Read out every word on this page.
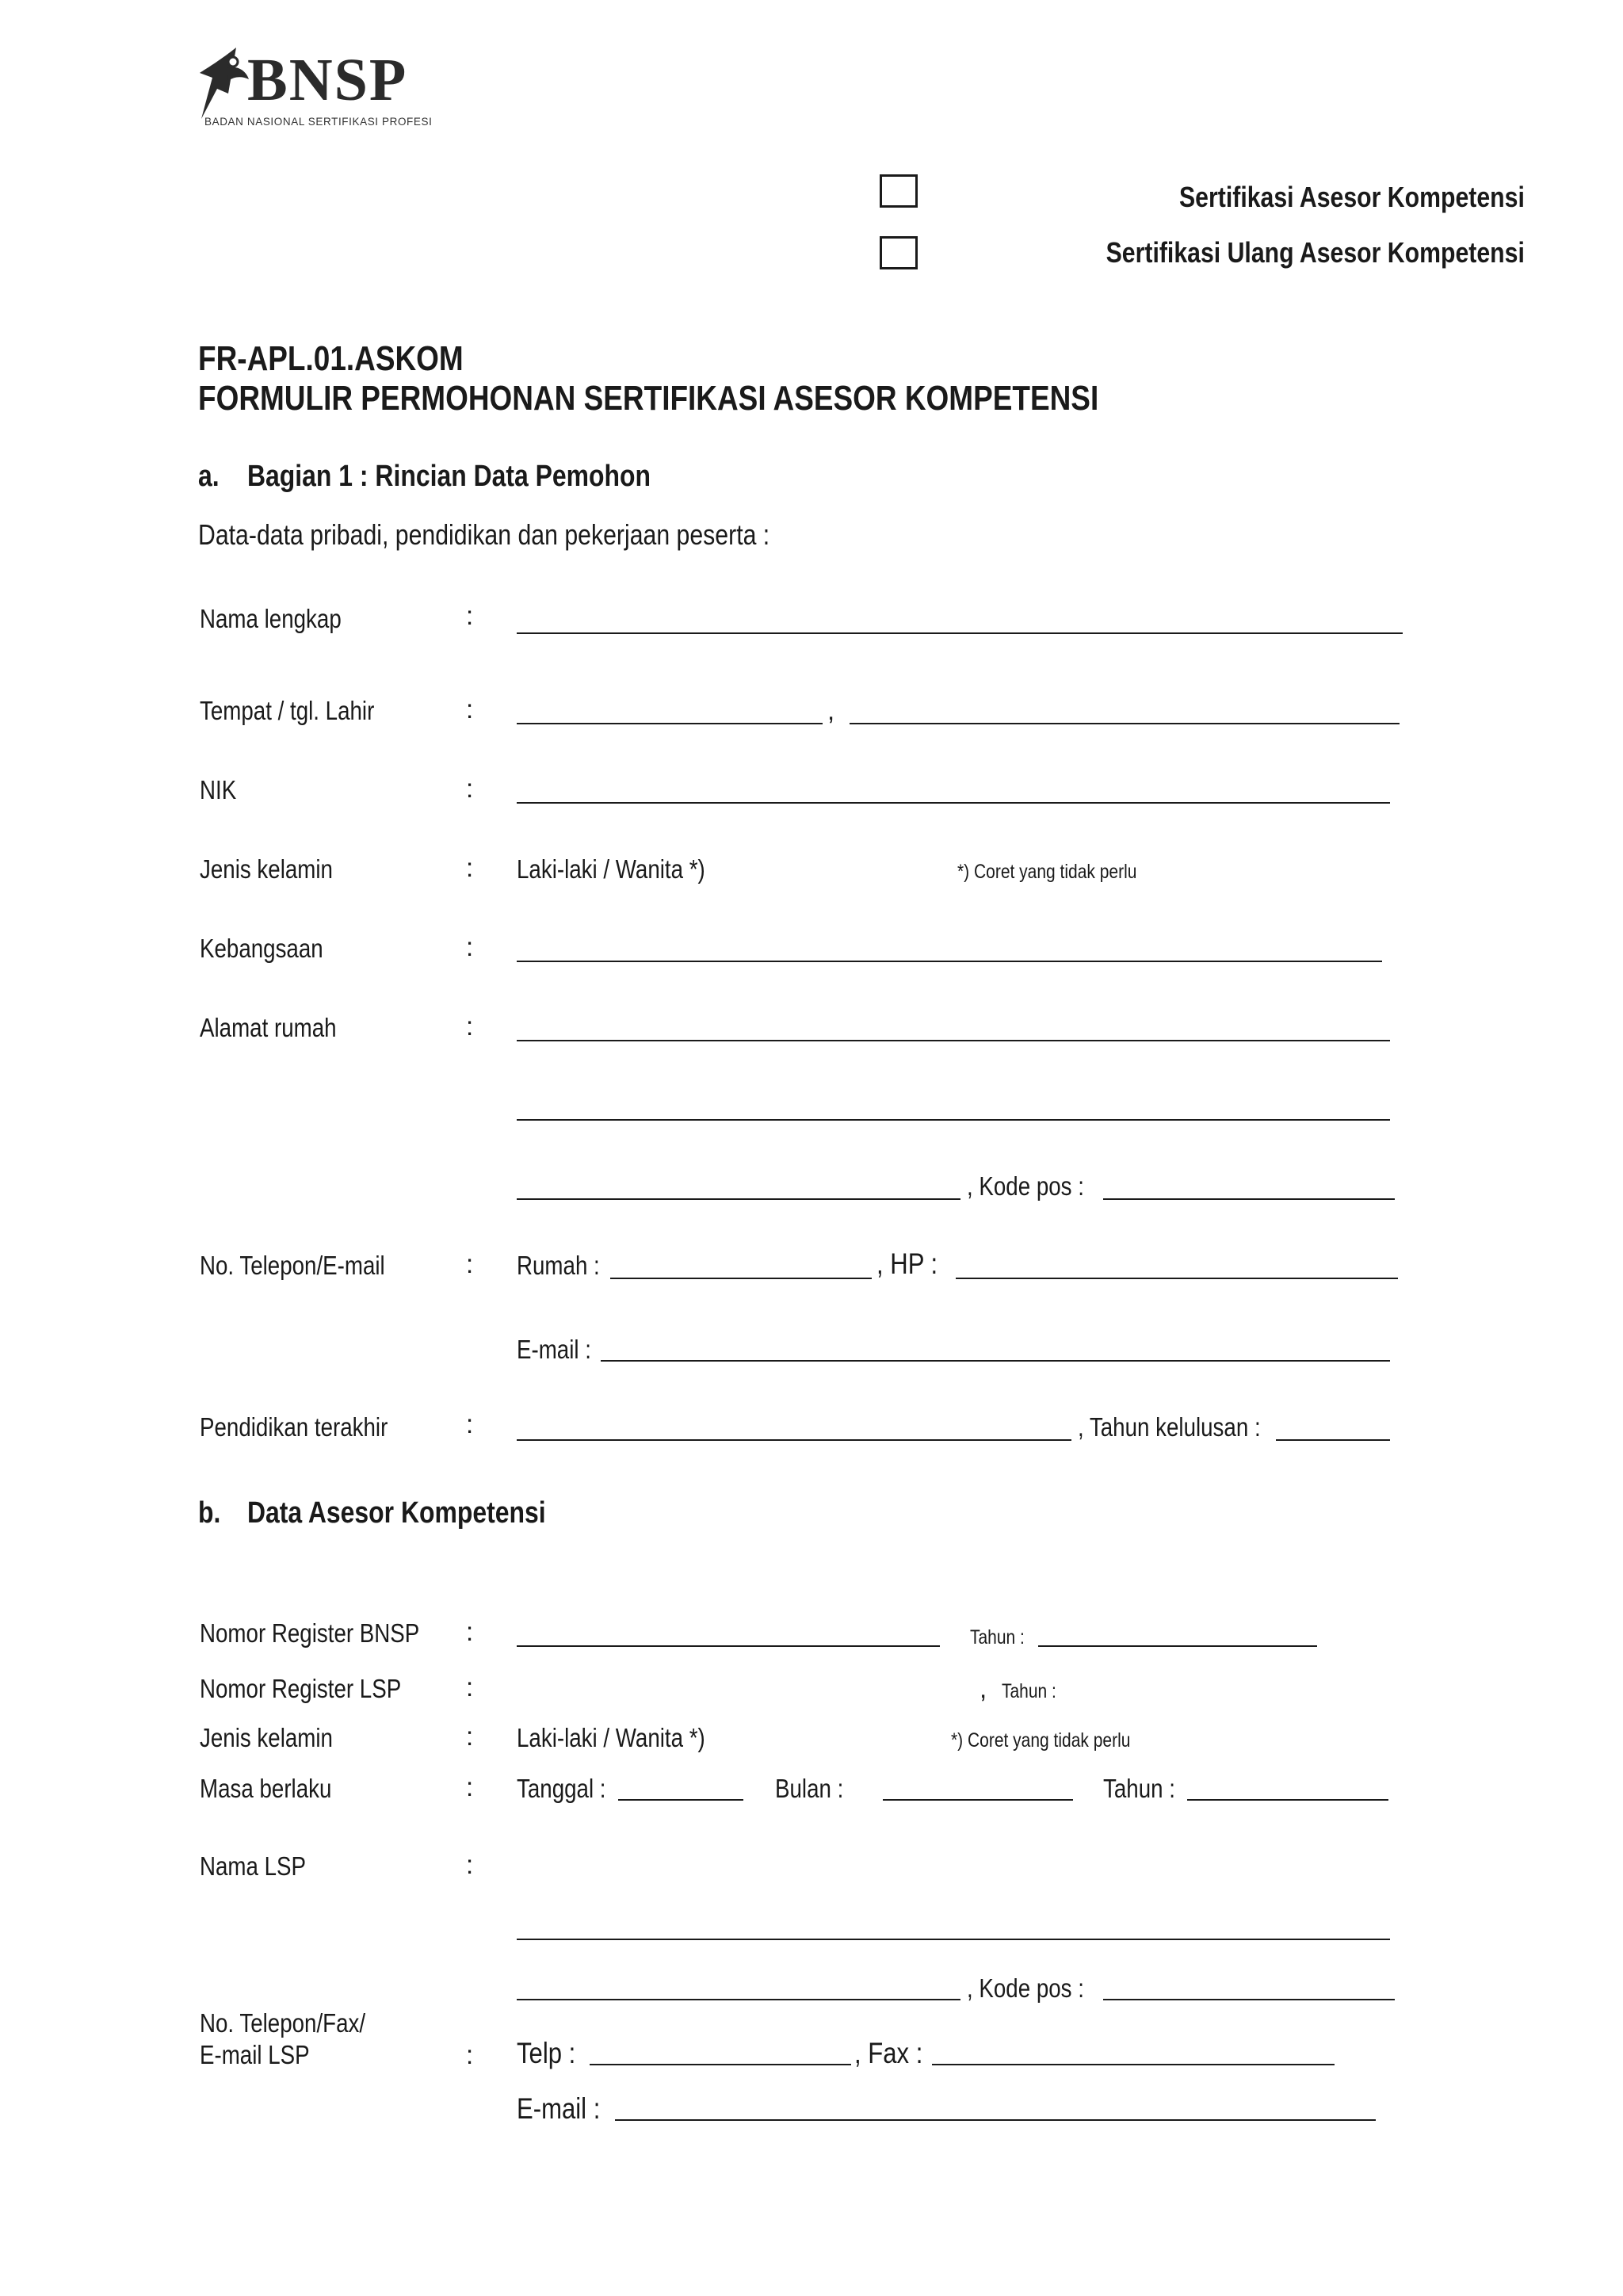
BNSP
BADAN NASIONAL SERTIFIKASI PROFESI
Sertifikasi Asesor Kompetensi
Sertifikasi Ulang Asesor Kompetensi
FR-APL.01.ASKOM
FORMULIR PERMOHONAN SERTIFIKASI ASESOR KOMPETENSI
a. Bagian 1 : Rincian Data Pemohon
Data-data pribadi, pendidikan dan pekerjaan peserta :
Nama lengkap	:
Tempat / tgl. Lahir	:	,
NIK	:
Jenis kelamin	: Laki-laki / Wanita *)	*) Coret yang tidak perlu
Kebangsaan	:
Alamat rumah	:
, Kode pos :
No. Telepon/E-mail	: Rumah :	, HP :
E-mail :
Pendidikan terakhir	:	, Tahun kelulusan :
b. Data Asesor Kompetensi
Nomor Register BNSP :	Tahun :
Nomor Register LSP :	, Tahun :
Jenis kelamin	: Laki-laki / Wanita *)	*) Coret yang tidak perlu
Masa berlaku	: Tanggal :	Bulan :	Tahun :
Nama LSP	:
, Kode pos :
No. Telepon/Fax/
E-mail LSP	: Telp :	, Fax :
E-mail :
